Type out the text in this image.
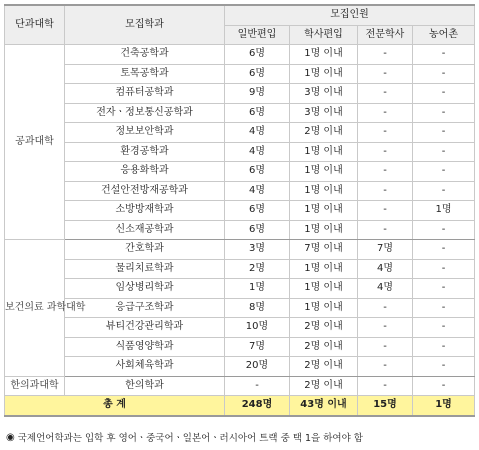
단과대학	모집학과	모집인원			
		일반편입	학사편입	전문학사	농어촌
공과대학	건축공학과	6명	1명 이내	-	-
	토목공학과	6명	1명 이내	-	-
	컴퓨터공학과	9명	3명 이내	-	-
	전자ㆍ정보통신공학과	6명	3명 이내	-	-
	정보보안학과	4명	2명 이내	-	-
	환경공학과	4명	1명 이내	-	-
	응용화학과	6명	1명 이내	-	-
	건설안전방재공학과	4명	1명 이내	-	-
	소방방재학과	6명	1명 이내	-	1명
	신소재공학과	6명	1명 이내	-	-
보건의료 과학대학	간호학과	3명	7명 이내	7명	-
	물리치료학과	2명	1명 이내	4명	-
	임상병리학과	1명	1명 이내	4명	-
	응급구조학과	8명	1명 이내	-	-
	뷰티건강관리학과	10명	2명 이내	-	-
	식품영양학과	7명	2명 이내	-	-
	사회체육학과	20명	2명 이내	-	-
한의과대학	한의학과	-	2명 이내	-	-
총 계		248명	43명 이내	15명	1명
◉ 국제언어학과는 입학 후 영어ㆍ중국어ㆍ일본어ㆍ러시아어 트랙 중 택 1을 하여야 함
